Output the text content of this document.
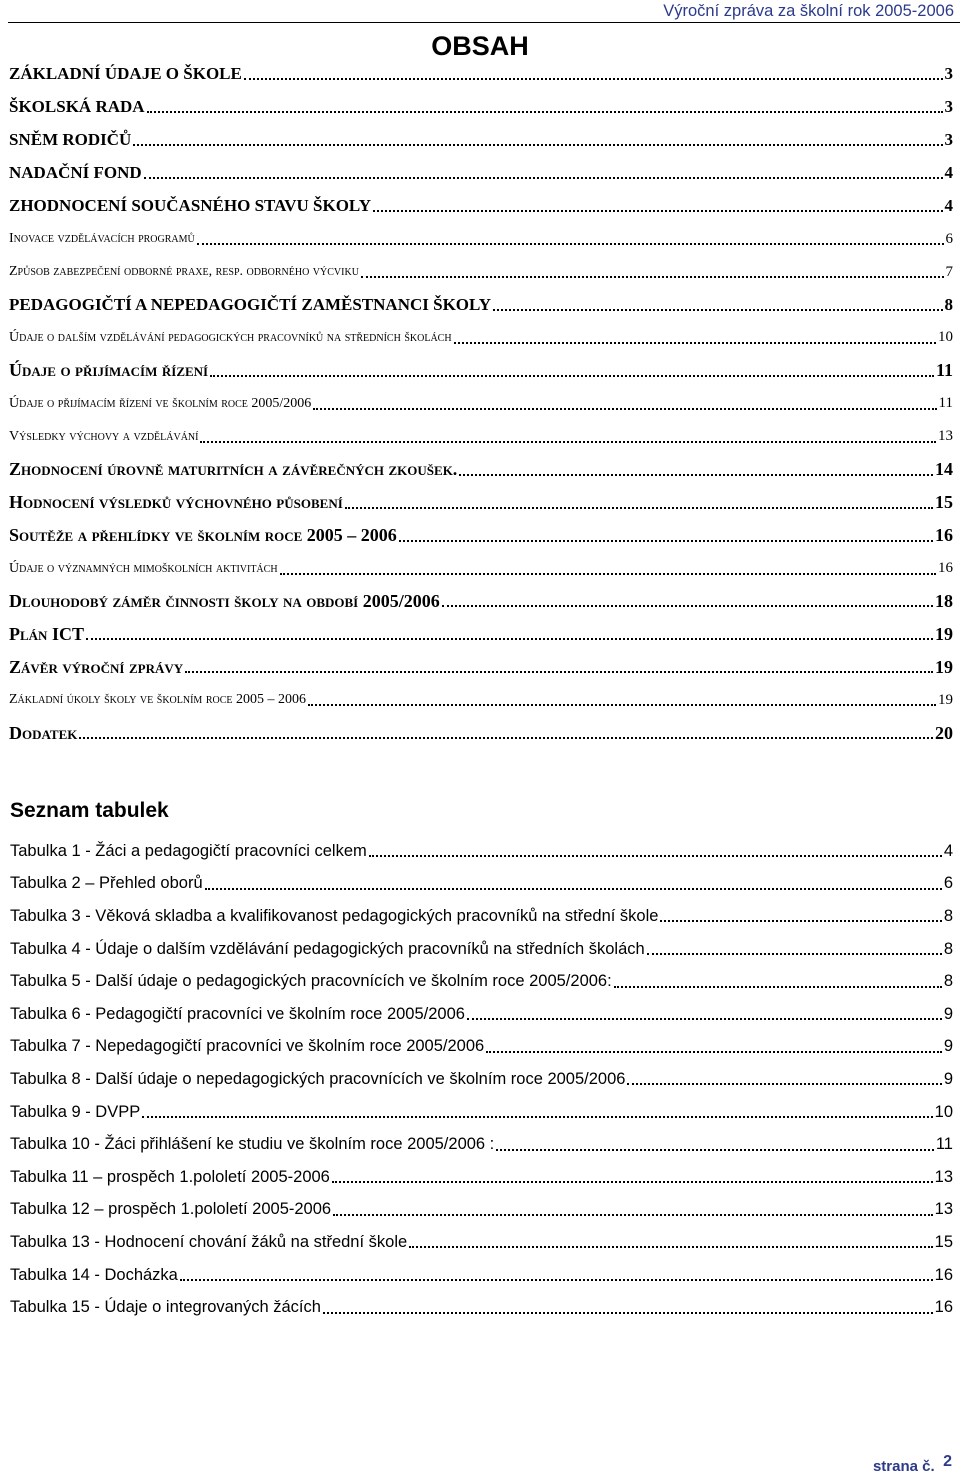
Výroční zpráva za školní rok 2005-2006
OBSAH
ZÁKLADNÍ ÚDAJE O ŠKOLE	3
ŠKOLSKÁ RADA	3
SNĚM RODIČŮ	3
NADAČNÍ FOND	4
ZHODNOCENÍ SOUČASNÉHO STAVU ŠKOLY	4
Inovace vzdělávacích programů	6
Způsob zabezpečení odborné praxe, resp. odborného výcviku	7
PEDAGOGIČTÍ A NEPEDAGOGIČTÍ ZAMĚSTNANCI ŠKOLY	8
Údaje o dalším vzdělávání pedagogických pracovníků na středních školách	10
Údaje o přijímacím řízení	11
Údaje o přijímacím řízení ve školním roce 2005/2006	11
Výsledky výchovy a vzdělávání	13
Zhodnocení úrovně maturitních a závěrečných zkoušek.	14
Hodnocení výsledků výchovného působení	15
Soutěže a přehlídky ve školním roce 2005 – 2006	16
Údaje o významných mimoškolních aktivitách	16
Dlouhodobý záměr činnosti školy na období 2005/2006	18
Plán ICT	19
Závěr výroční zprávy	19
Základní úkoly školy ve školním roce 2005 – 2006	19
Dodatek	20
Seznam tabulek
Tabulka 1 - Žáci a pedagogičtí pracovníci celkem	4
Tabulka 2 – Přehled oborů	6
Tabulka 3 - Věková skladba a kvalifikovanost pedagogických pracovníků na střední škole	8
Tabulka 4 - Údaje o dalším vzdělávání pedagogických pracovníků na středních školách	8
Tabulka 5 - Další údaje o pedagogických pracovnících ve školním roce 2005/2006:	8
Tabulka 6 - Pedagogičtí pracovníci ve školním roce 2005/2006	9
Tabulka 7 - Nepedagogičtí pracovníci ve školním roce 2005/2006	9
Tabulka 8 - Další údaje o nepedagogických pracovnících ve školním roce 2005/2006	9
Tabulka 9 - DVPP	10
Tabulka 10 - Žáci přihlášení ke studiu ve školním roce 2005/2006 :	11
Tabulka 11 – prospěch 1.pololetí 2005-2006	13
Tabulka 12 – prospěch 1.pololetí 2005-2006	13
Tabulka 13 - Hodnocení chování žáků na střední škole	15
Tabulka 14 - Docházka	16
Tabulka 15 - Údaje o integrovaných žácích	16
strana č. 2
